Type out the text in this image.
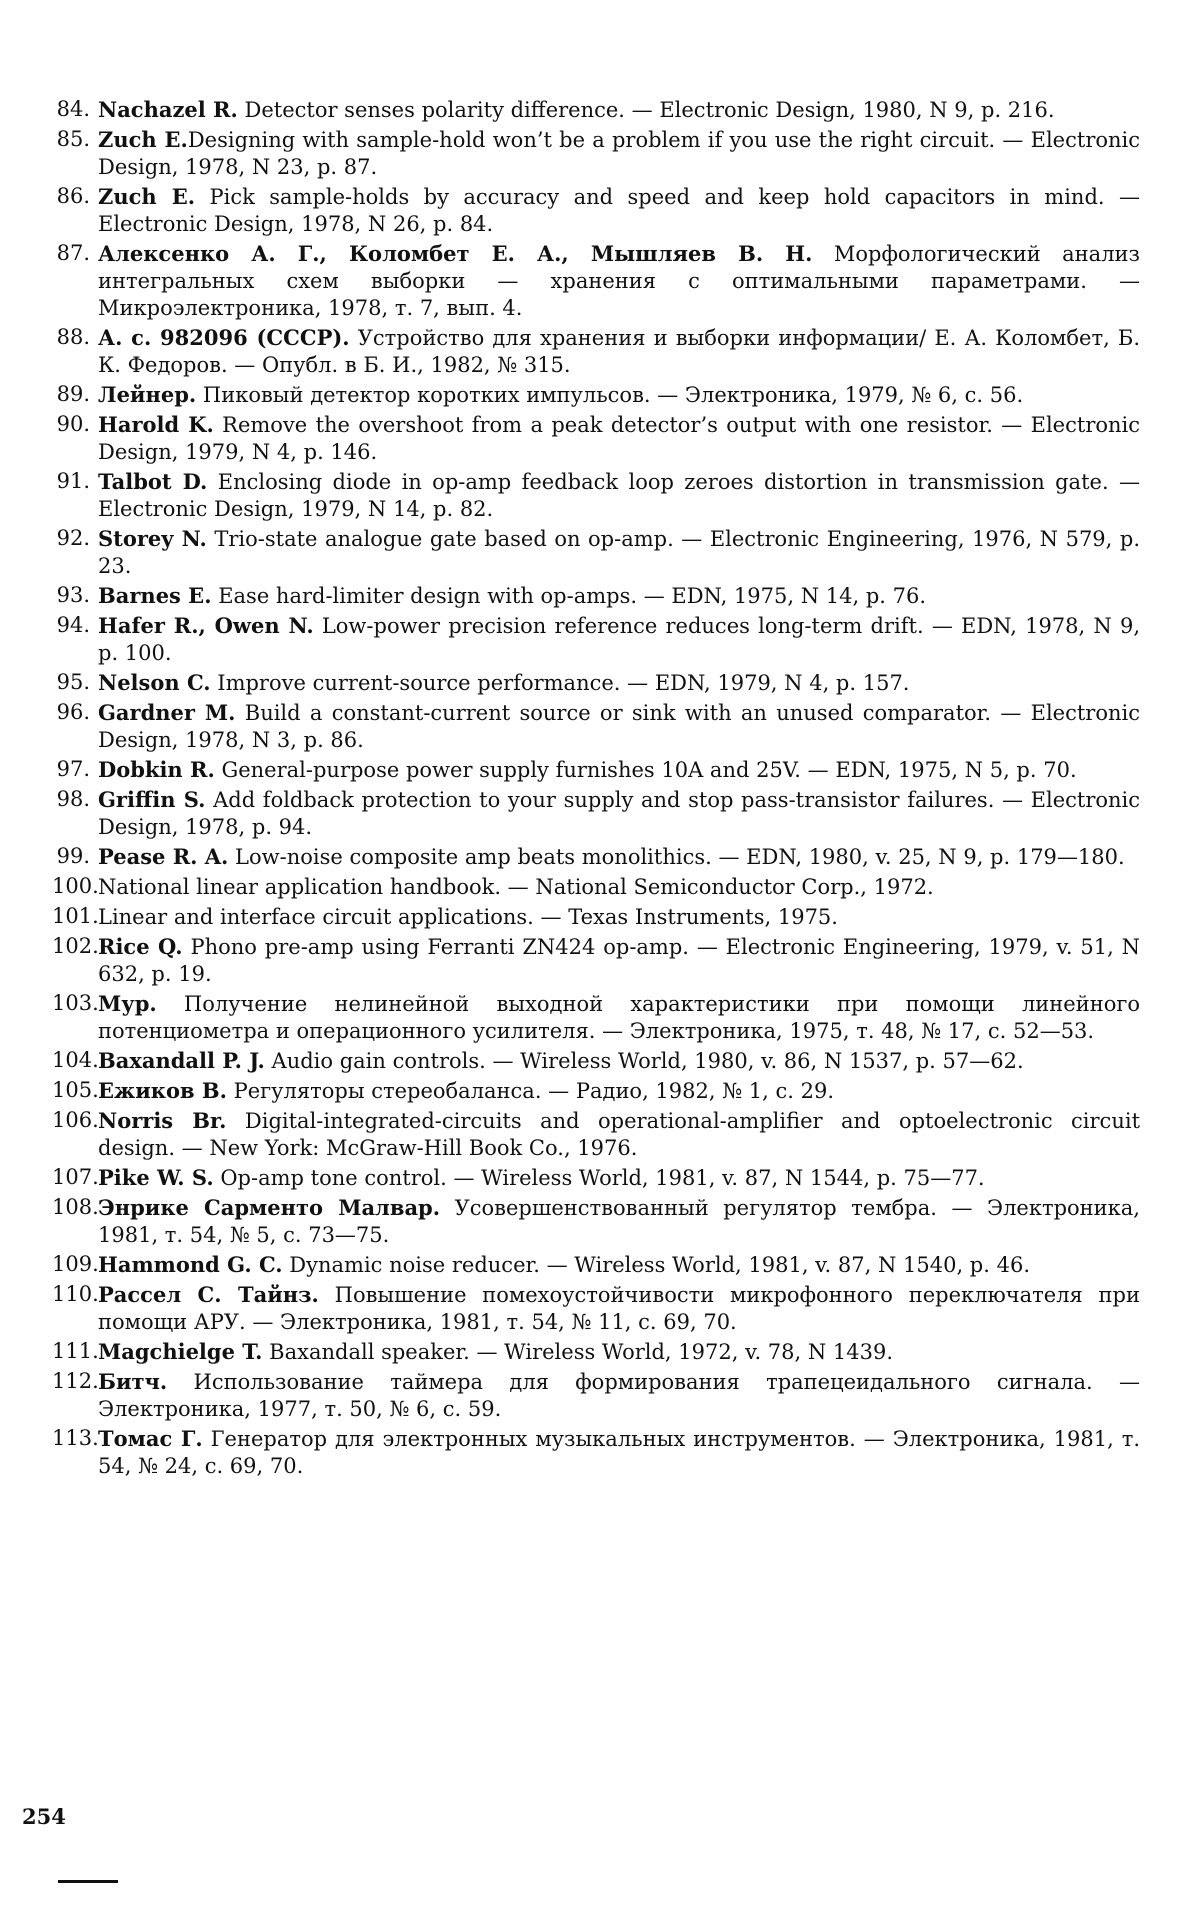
84. Nachazel R. Detector senses polarity difference. — Electronic Design, 1980, N 9, p. 216.
85. Zuch E.Designing with sample-hold won’t be a problem if you use the right circuit. — Electronic Design, 1978, N 23, p. 87.
86. Zuch E. Pick sample-holds by accuracy and speed and keep hold capacitors in mind. — Electronic Design, 1978, N 26, p. 84.
87. Алексенко А. Г., Коломбет Е. А., Мышляев В. Н. Морфологический анализ интегральных схем выборки — хранения с оптимальными параметрами. — Микроэлектроника, 1978, т. 7, вып. 4.
88. А. с. 982096 (СССР). Устройство для хранения и выборки информации/ Е. А. Коломбет, Б. К. Федоров. — Опубл. в Б. И., 1982, № 315.
89. Лейнер. Пиковый детектор коротких импульсов. — Электроника, 1979, № 6, с. 56.
90. Harold K. Remove the overshoot from a peak detector’s output with one resistor. — Electronic Design, 1979, N 4, p. 146.
91. Talbot D. Enclosing diode in op-amp feedback loop zeroes distortion in transmission gate. — Electronic Design, 1979, N 14, p. 82.
92. Storey N. Trio-state analogue gate based on op-amp. — Electronic Engineering, 1976, N 579, p. 23.
93. Barnes E. Ease hard-limiter design with op-amps. — EDN, 1975, N 14, p. 76.
94. Hafer R., Owen N. Low-power precision reference reduces long-term drift. — EDN, 1978, N 9, p. 100.
95. Nelson C. Improve current-source performance. — EDN, 1979, N 4, p. 157.
96. Gardner M. Build a constant-current source or sink with an unused comparator. — Electronic Design, 1978, N 3, p. 86.
97. Dobkin R. General-purpose power supply furnishes 10A and 25V. — EDN, 1975, N 5, p. 70.
98. Griffin S. Add foldback protection to your supply and stop pass-transistor failures. — Electronic Design, 1978, p. 94.
99. Pease R. A. Low-noise composite amp beats monolithics. — EDN, 1980, v. 25, N 9, p. 179—180.
100. National linear application handbook. — National Semiconductor Corp., 1972.
101. Linear and interface circuit applications. — Texas Instruments, 1975.
102. Rice Q. Phono pre-amp using Ferranti ZN424 op-amp. — Electronic Engineering, 1979, v. 51, N 632, p. 19.
103. Мур. Получение нелинейной выходной характеристики при помощи линейного потенциометра и операционного усилителя. — Электроника, 1975, т. 48, № 17, с. 52—53.
104. Baxandall P. J. Audio gain controls. — Wireless World, 1980, v. 86, N 1537, p. 57—62.
105. Ежиков В. Регуляторы стереобаланса. — Радио, 1982, № 1, с. 29.
106. Norris Br. Digital-integrated-circuits and operational-amplifier and optoelectronic circuit design. — New York: McGraw-Hill Book Co., 1976.
107. Pike W. S. Op-amp tone control. — Wireless World, 1981, v. 87, N 1544, p. 75—77.
108. Энрике Сарменто Малвар. Усовершенствованный регулятор тембра. — Электроника, 1981, т. 54, № 5, с. 73—75.
109. Hammond G. C. Dynamic noise reducer. — Wireless World, 1981, v. 87, N 1540, p. 46.
110. Рассел С. Тайнз. Повышение помехоустойчивости микрофонного переключателя при помощи АРУ. — Электроника, 1981, т. 54, № 11, с. 69, 70.
111. Magchielge T. Baxandall speaker. — Wireless World, 1972, v. 78, N 1439.
112. Битч. Использование таймера для формирования трапецеидального сигнала. — Электроника, 1977, т. 50, № 6, с. 59.
113. Томас Г. Генератор для электронных музыкальных инструментов. — Электроника, 1981, т. 54, № 24, с. 69, 70.
254
